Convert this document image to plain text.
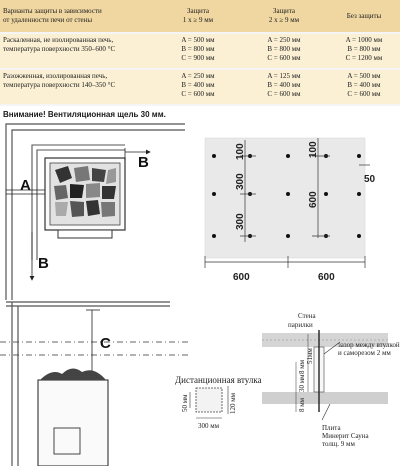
Варианты защиты в зависимости
от удаленности печи от стены	Защита
1 x ≥ 9 мм	Защита
2 x ≥ 9 мм	Без защиты

Раскаленная, не изолированная печь,
температура поверхности 350–600 °C	A = 500 мм
B = 800 мм
C = 900 мм	A = 250 мм
B = 800 мм
C = 600 мм	A = 1000 мм
B = 800 мм
C = 1200 мм

Разожженная, изолированная печь,
температура поверхности 140–350 °C	A = 250 мм
B = 400 мм
C = 600 мм	A = 125 мм
B = 400 мм
C = 600 мм	A = 500 мм
B = 400 мм
C = 600 мм
Внимание! Вентиляционная щель 30 мм.
A
B
B
100
300
300
600
100
50
600	600
C
Дистанционная втулка
50 мм	120 мм
300 мм
Стена
парилки
зазор между втулкой
и саморезом 2 мм
51мм
8 мм
30 мм
8 мм
Плита
Минерит Сауна
толщ. 9 мм
